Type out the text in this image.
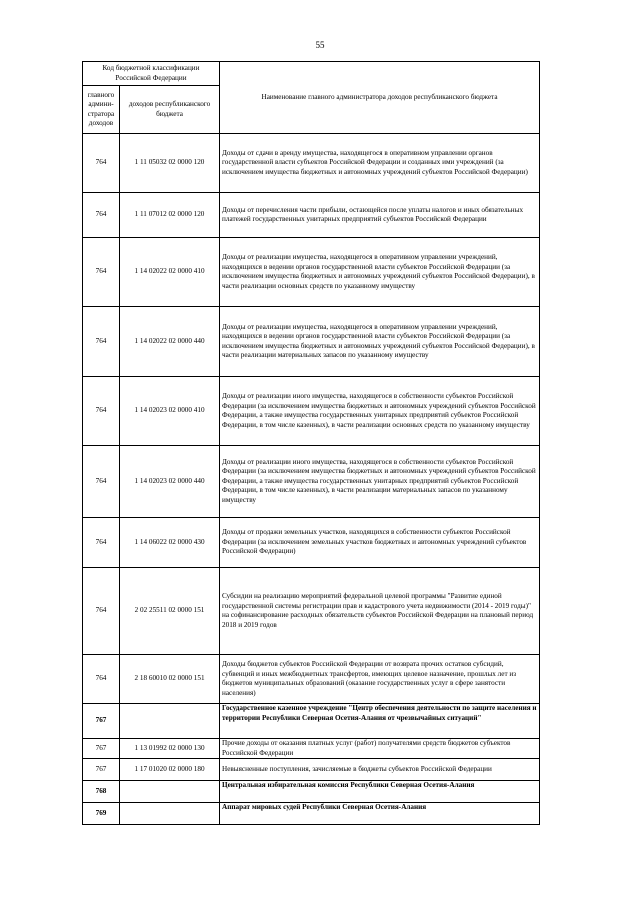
55
Код бюджетной классификации Российской Федерации		Наименование главного администратора доходов республиканского бюджета
главного админи-стратора доходов	доходов республиканского бюджета	
764	1 11 05032 02 0000 120	Доходы от сдачи в аренду имущества, находящегося в оперативном управлении органов государственной власти субъектов Российской Федерации и созданных ими учреждений (за исключением имущества бюджетных и автономных учреждений субъектов Российской Федерации)
764	1 11 07012 02 0000 120	Доходы от перечисления части прибыли, остающейся после уплаты налогов и иных обязательных платежей государственных унитарных предприятий субъектов Российской Федерации
764	1 14 02022 02 0000 410	Доходы от реализации имущества, находящегося в оперативном управлении учреждений, находящихся в ведении органов государственной власти субъектов Российской Федерации (за исключением имущества бюджетных и автономных учреждений субъектов Российской Федерации), в части реализации основных средств по указанному имуществу
764	1 14 02022 02 0000 440	Доходы от реализации имущества, находящегося в оперативном управлении учреждений, находящихся в ведении органов государственной власти субъектов Российской Федерации (за исключением имущества бюджетных и автономных учреждений субъектов Российской Федерации), в части реализации материальных запасов по указанному имуществу
764	1 14 02023 02 0000 410	Доходы от реализации иного имущества, находящегося в собственности субъектов Российской Федерации (за исключением имущества бюджетных и автономных учреждений субъектов Российской Федерации, а также имущества государственных унитарных предприятий субъектов Российской Федерации, в том числе казенных), в части реализации основных средств по указанному имуществу
764	1 14 02023 02 0000 440	Доходы от реализации иного имущества, находящегося в собственности субъектов Российской Федерации (за исключением имущества бюджетных и автономных учреждений субъектов Российской Федерации, а также имущества государственных унитарных предприятий субъектов Российской Федерации, в том числе казенных), в части реализации материальных запасов по указанному имуществу
764	1 14 06022 02 0000 430	Доходы от продажи земельных участков, находящихся в собственности субъектов Российской Федерации (за исключением земельных участков бюджетных и автономных учреждений субъектов Российской Федерации)
764	2 02 25511 02 0000 151	Субсидии на реализацию мероприятий федеральной целевой программы "Развитие единой государственной системы регистрации прав и кадастрового учета недвижимости (2014 - 2019 годы)" на софинансирование расходных обязательств субъектов Российской Федерации на плановый период 2018 и 2019 годов
764	2 18 60010 02 0000 151	Доходы бюджетов субъектов Российской Федерации от возврата прочих остатков субсидий, субвенций и иных межбюджетных трансфертов, имеющих целевое назначение, прошлых лет из бюджетов муниципальных образований (оказание государственных услуг в сфере занятости населения)
767		Государственное казенное учреждение "Центр обеспечения деятельности по защите населения и территории Республики Северная Осетия-Алания от чрезвычайных ситуаций"
767	1 13 01992 02 0000 130	Прочие доходы от оказания платных услуг (работ) получателями средств бюджетов субъектов Российской Федерации
767	1 17 01020 02 0000 180	Невыясненные поступления, зачисляемые в бюджеты субъектов Российской Федерации
768		Центральная избирательная комиссия Республики Северная Осетия-Алания
769		Аппарат мировых судей Республики Северная Осетия-Алания
